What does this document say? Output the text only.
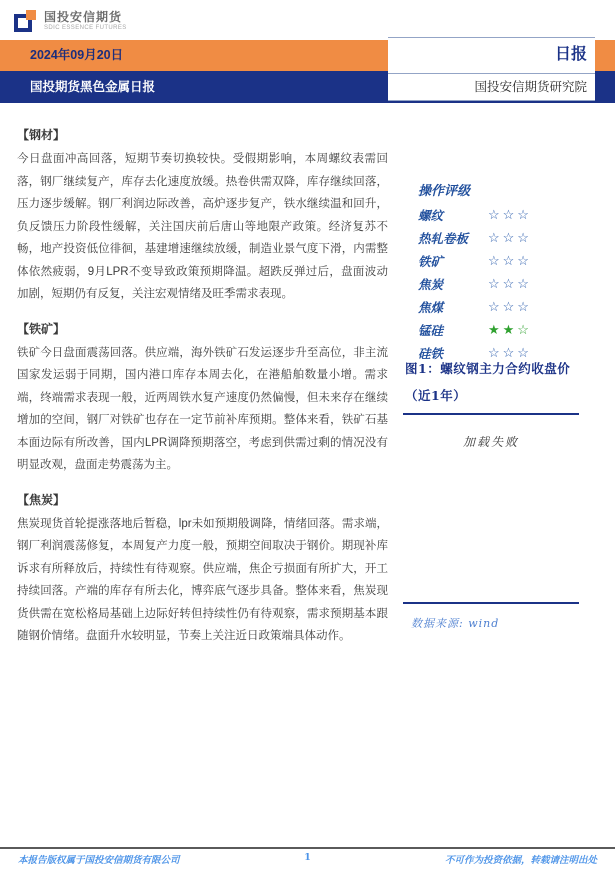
国投安信期货
SDIC ESSENCE FUTURES
2024年09月20日
国投期货黑色金属日报
日报
国投安信期货研究院
【钢材】

今日盘面冲高回落，短期节奏切换较快。受假期影响，本周螺纹表需回落，钢厂继续复产，库存去化速度放缓。热卷供需双降，库存继续回落，压力逐步缓解。钢厂利润边际改善，高炉逐步复产，铁水继续温和回升，负反馈压力阶段性缓解，关注国庆前后唐山等地限产政策。经济复苏不畅，地产投资低位徘徊，基建增速继续放缓，制造业景气度下滑，内需整体依然疲弱，9月LPR不变导致政策预期降温。超跌反弹过后，盘面波动加剧，短期仍有反复，关注宏观情绪及旺季需求表现。

【铁矿】

铁矿今日盘面震荡回落。供应端，海外铁矿石发运逐步升至高位，非主流国家发运弱于同期，国内港口库存本周去化，在港船舶数量小增。需求端，终端需求表现一般，近两周铁水复产速度仍然偏慢，但未来存在继续增加的空间，钢厂对铁矿也存在一定节前补库预期。整体来看，铁矿石基本面边际有所改善，国内LPR调降预期落空，考虑到供需过剩的情况没有明显改观，盘面走势震荡为主。

【焦炭】

焦炭现货首轮提涨落地后暂稳，lpr未如预期般调降，情绪回落。需求端，钢厂利润震荡修复，本周复产力度一般，预期空间取决于钢价。期现补库诉求有所释放后，持续性有待观察。供应端，焦企亏损面有所扩大，开工持续回落。产端的库存有所去化，博弈底气逐步具备。整体来看，焦炭现货供需在宽松格局基础上边际好转但持续性仍有待观察，需求预期基本跟随钢价情绪。盘面升水较明显，节奏上关注近日政策端具体动作。

操作评级

螺纹	☆☆☆
热轧卷板	☆☆☆
铁矿	☆☆☆
焦炭	☆☆☆
焦煤	☆☆☆
锰硅	★★☆
硅铁	☆☆☆

图1：螺纹钢主力合约收盘价

（近1年）

加载失败

数据来源: wind

本报告版权属于国投安信期货有限公司	1	不可作为投资依据，转载请注明出处
